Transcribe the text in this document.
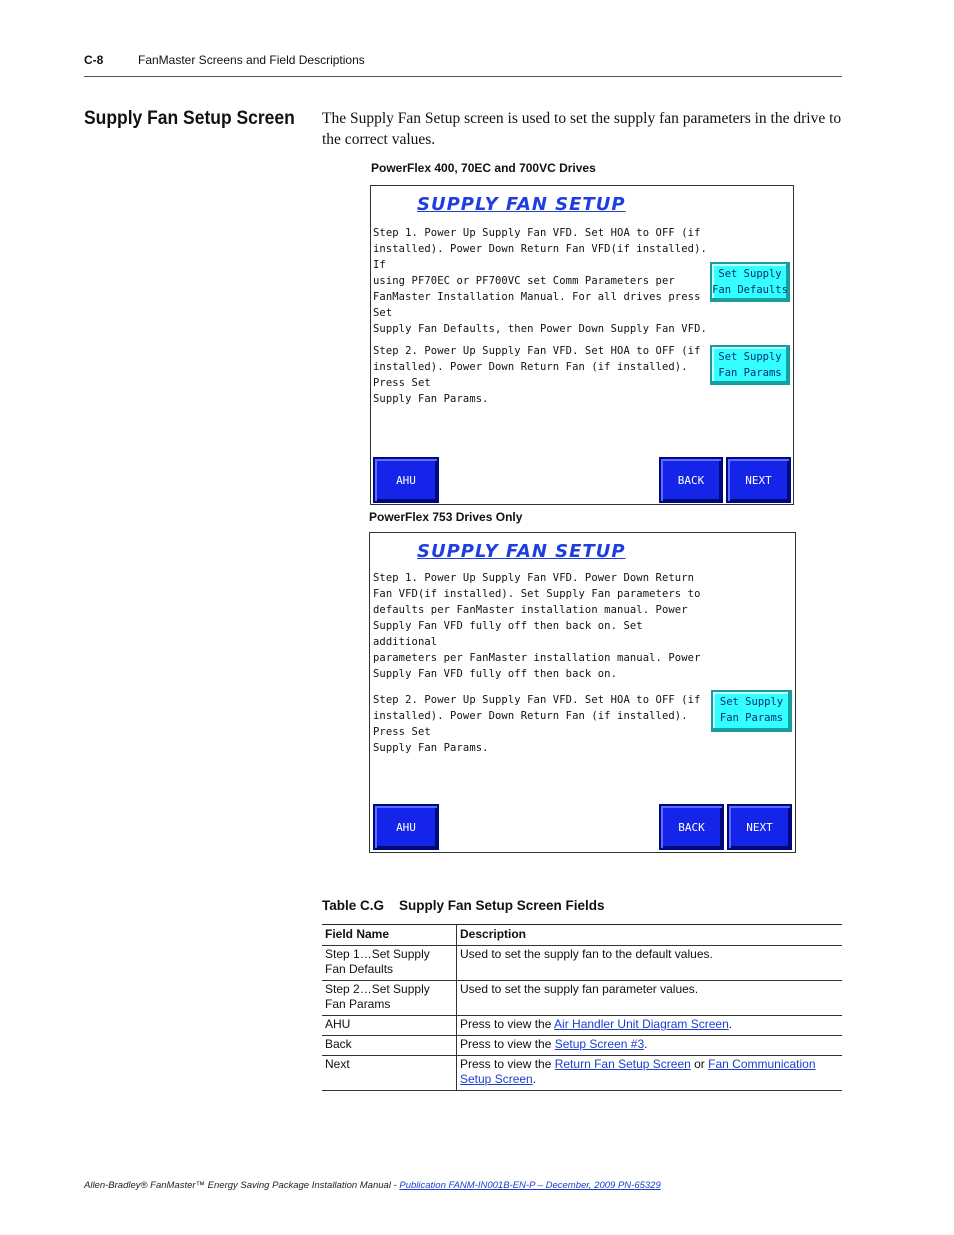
C-8	FanMaster Screens and Field Descriptions
Supply Fan Setup Screen The Supply Fan Setup screen is used to set the supply fan parameters in the drive to the correct values.
PowerFlex 400, 70EC and 700VC Drives
SUPPLY FAN SETUP
Step 1. Power Up Supply Fan VFD. Set HOA to OFF (if
installed). Power Down Return Fan VFD(if installed). If
using PF70EC or PF700VC set Comm Parameters per
FanMaster Installation Manual. For all drives press Set
Supply Fan Defaults, then Power Down Supply Fan VFD.
Set Supply
Fan Defaults
Step 2. Power Up Supply Fan VFD. Set HOA to OFF (if
installed). Power Down Return Fan (if installed). Press Set
Supply Fan Params.
Set Supply
Fan Params
AHU	BACK	NEXT
PowerFlex 753 Drives Only
SUPPLY FAN SETUP
Step 1. Power Up Supply Fan VFD. Power Down Return
Fan VFD(if installed). Set Supply Fan parameters to
defaults per FanMaster installation manual. Power
Supply Fan VFD fully off then back on. Set additional
parameters per FanMaster installation manual. Power
Supply Fan VFD fully off then back on.
Step 2. Power Up Supply Fan VFD. Set HOA to OFF (if
installed). Power Down Return Fan (if installed). Press Set
Supply Fan Params.
Set Supply
Fan Params
AHU	BACK	NEXT
Table C.G    Supply Fan Setup Screen Fields
Field Name	Description
Step 1…Set Supply Fan Defaults	Used to set the supply fan to the default values.
Step 2…Set Supply Fan Params	Used to set the supply fan parameter values.
AHU	Press to view the Air Handler Unit Diagram Screen.
Back	Press to view the Setup Screen #3.
Next	Press to view the Return Fan Setup Screen or Fan Communication Setup Screen.
Allen-Bradley® FanMaster™ Energy Saving Package Installation Manual - Publication FANM-IN001B-EN-P – December, 2009 PN-65329
